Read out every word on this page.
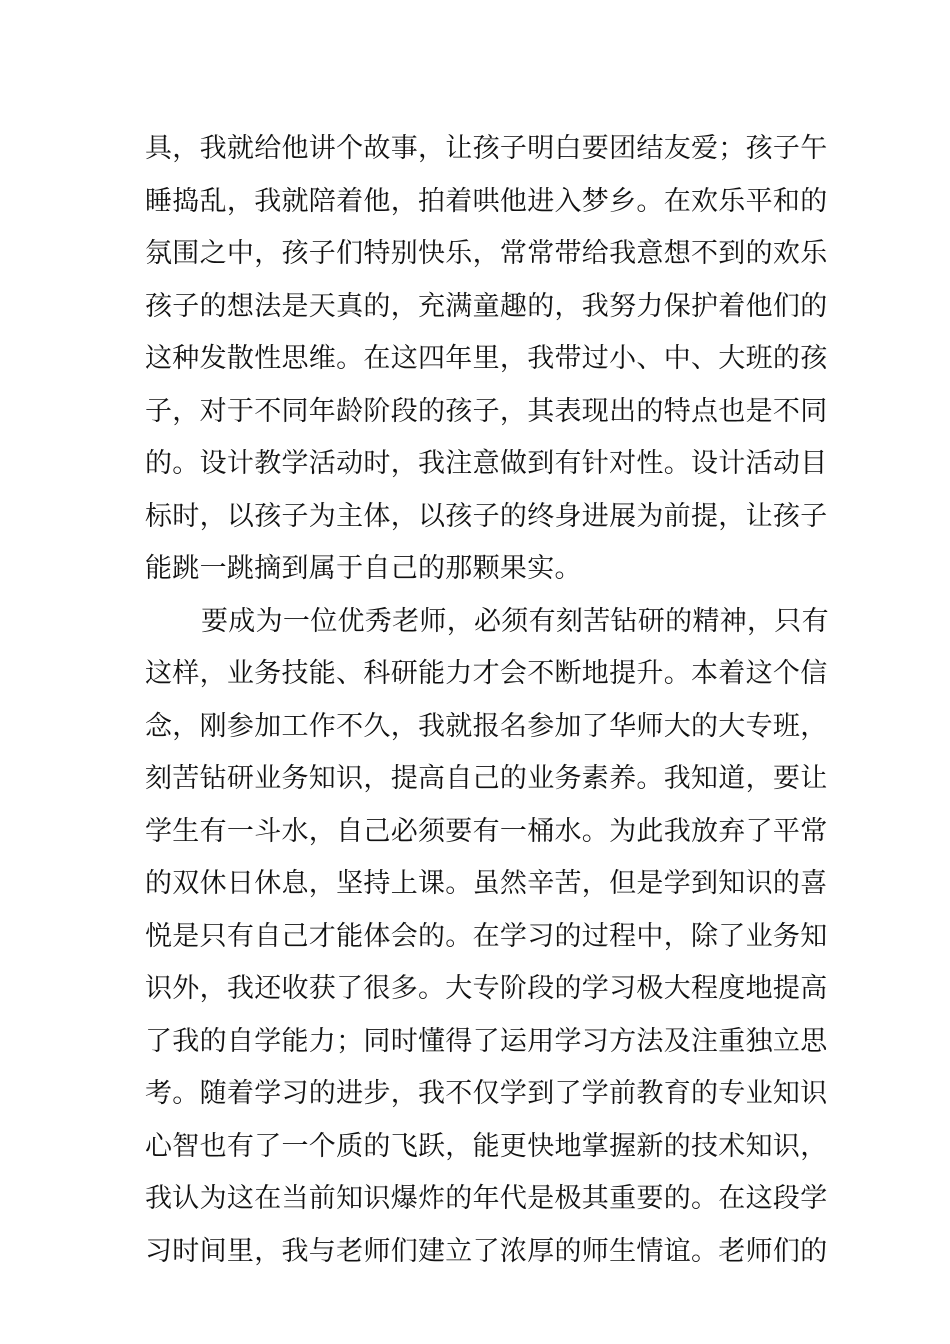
具，我就给他讲个故事，让孩子明白要团结友爱；孩子午
睡捣乱，我就陪着他，拍着哄他进入梦乡。在欢乐平和的
氛围之中，孩子们特别快乐，常常带给我意想不到的欢乐
孩子的想法是天真的，充满童趣的，我努力保护着他们的
这种发散性思维。在这四年里，我带过小、中、大班的孩
子，对于不同年龄阶段的孩子，其表现出的特点也是不同
的。设计教学活动时，我注意做到有针对性。设计活动目
标时，以孩子为主体，以孩子的终身进展为前提，让孩子
能跳一跳摘到属于自己的那颗果实。
要成为一位优秀老师，必须有刻苦钻研的精神，只有
这样，业务技能、科研能力才会不断地提升。本着这个信
念，刚参加工作不久，我就报名参加了华师大的大专班，
刻苦钻研业务知识，提高自己的业务素养。我知道，要让
学生有一斗水，自己必须要有一桶水。为此我放弃了平常
的双休日休息，坚持上课。虽然辛苦，但是学到知识的喜
悦是只有自己才能体会的。在学习的过程中，除了业务知
识外，我还收获了很多。大专阶段的学习极大程度地提高
了我的自学能力；同时懂得了运用学习方法及注重独立思
考。随着学习的进步，我不仅学到了学前教育的专业知识
心智也有了一个质的飞跃，能更快地掌握新的技术知识，
我认为这在当前知识爆炸的年代是极其重要的。在这段学
习时间里，我与老师们建立了浓厚的师生情谊。老师们的
